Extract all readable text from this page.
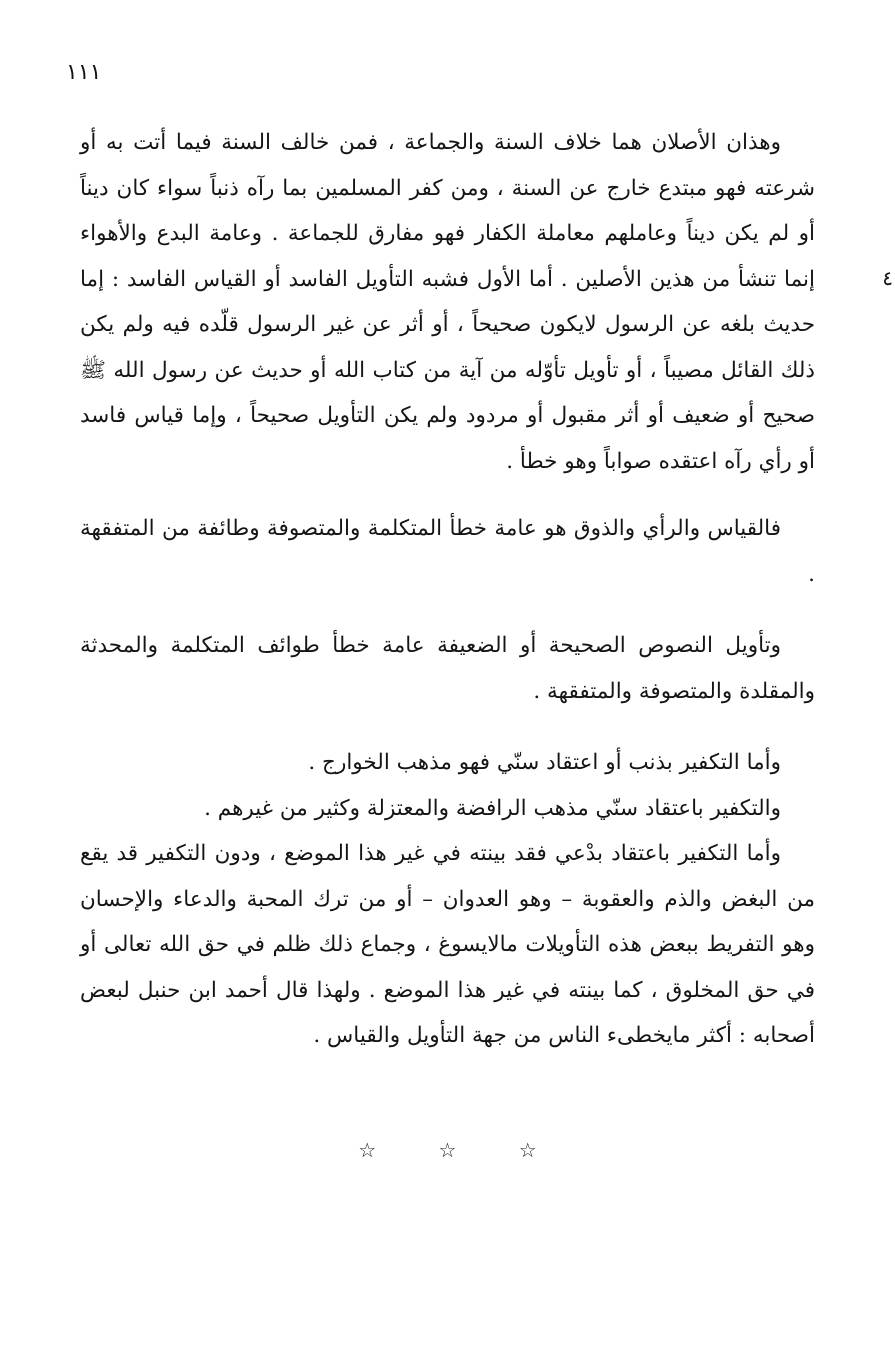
١١١
٤

وهذان الأصلان هما خلاف السنة والجماعة ، فمن خالف السنة فيما أتت به أو شرعته فهو مبتدع خارج عن السنة ، ومن كفر المسلمين بما رآه ذنباً سواء كان ديناً أو لم يكن ديناً وعاملهم معاملة الكفار فهو مفارق للجماعة . وعامة البدع والأهواء إنما تنشأ من هذين الأصلين . أما الأول فشبه التأويل الفاسد أو القياس الفاسد : إما حديث بلغه عن الرسول لايكون صحيحاً ، أو أثر عن غير الرسول قلّده فيه ولم يكن ذلك القائل مصيباً ، أو تأويل تأوّله من آية من كتاب الله أو حديث عن رسول الله ﷺ صحيح أو ضعيف أو أثر مقبول أو مردود ولم يكن التأويل صحيحاً ، وإما قياس فاسد أو رأي رآه اعتقده صواباً وهو خطأ .

فالقياس والرأي والذوق هو عامة خطأ المتكلمة والمتصوفة وطائفة من المتفقهة .

وتأويل النصوص الصحيحة أو الضعيفة عامة خطأ طوائف المتكلمة والمحدثة والمقلدة والمتصوفة والمتفقهة .

وأما التكفير بذنب أو اعتقاد سنّي فهو مذهب الخوارج .

والتكفير باعتقاد سنّي مذهب الرافضة والمعتزلة وكثير من غيرهم .

وأما التكفير باعتقاد بدْعي فقد بينته في غير هذا الموضع ، ودون التكفير قد يقع من البغض والذم والعقوبة – وهو العدوان – أو من ترك المحبة والدعاء والإحسان وهو التفريط ببعض هذه التأويلات مالايسوغ ، وجماع ذلك ظلم في حق الله تعالى أو في حق المخلوق ، كما بينته في غير هذا الموضع . ولهذا قال أحمد ابن حنبل لبعض أصحابه : أكثر مايخطىء الناس من جهة التأويل والقياس .

☆ ☆ ☆
